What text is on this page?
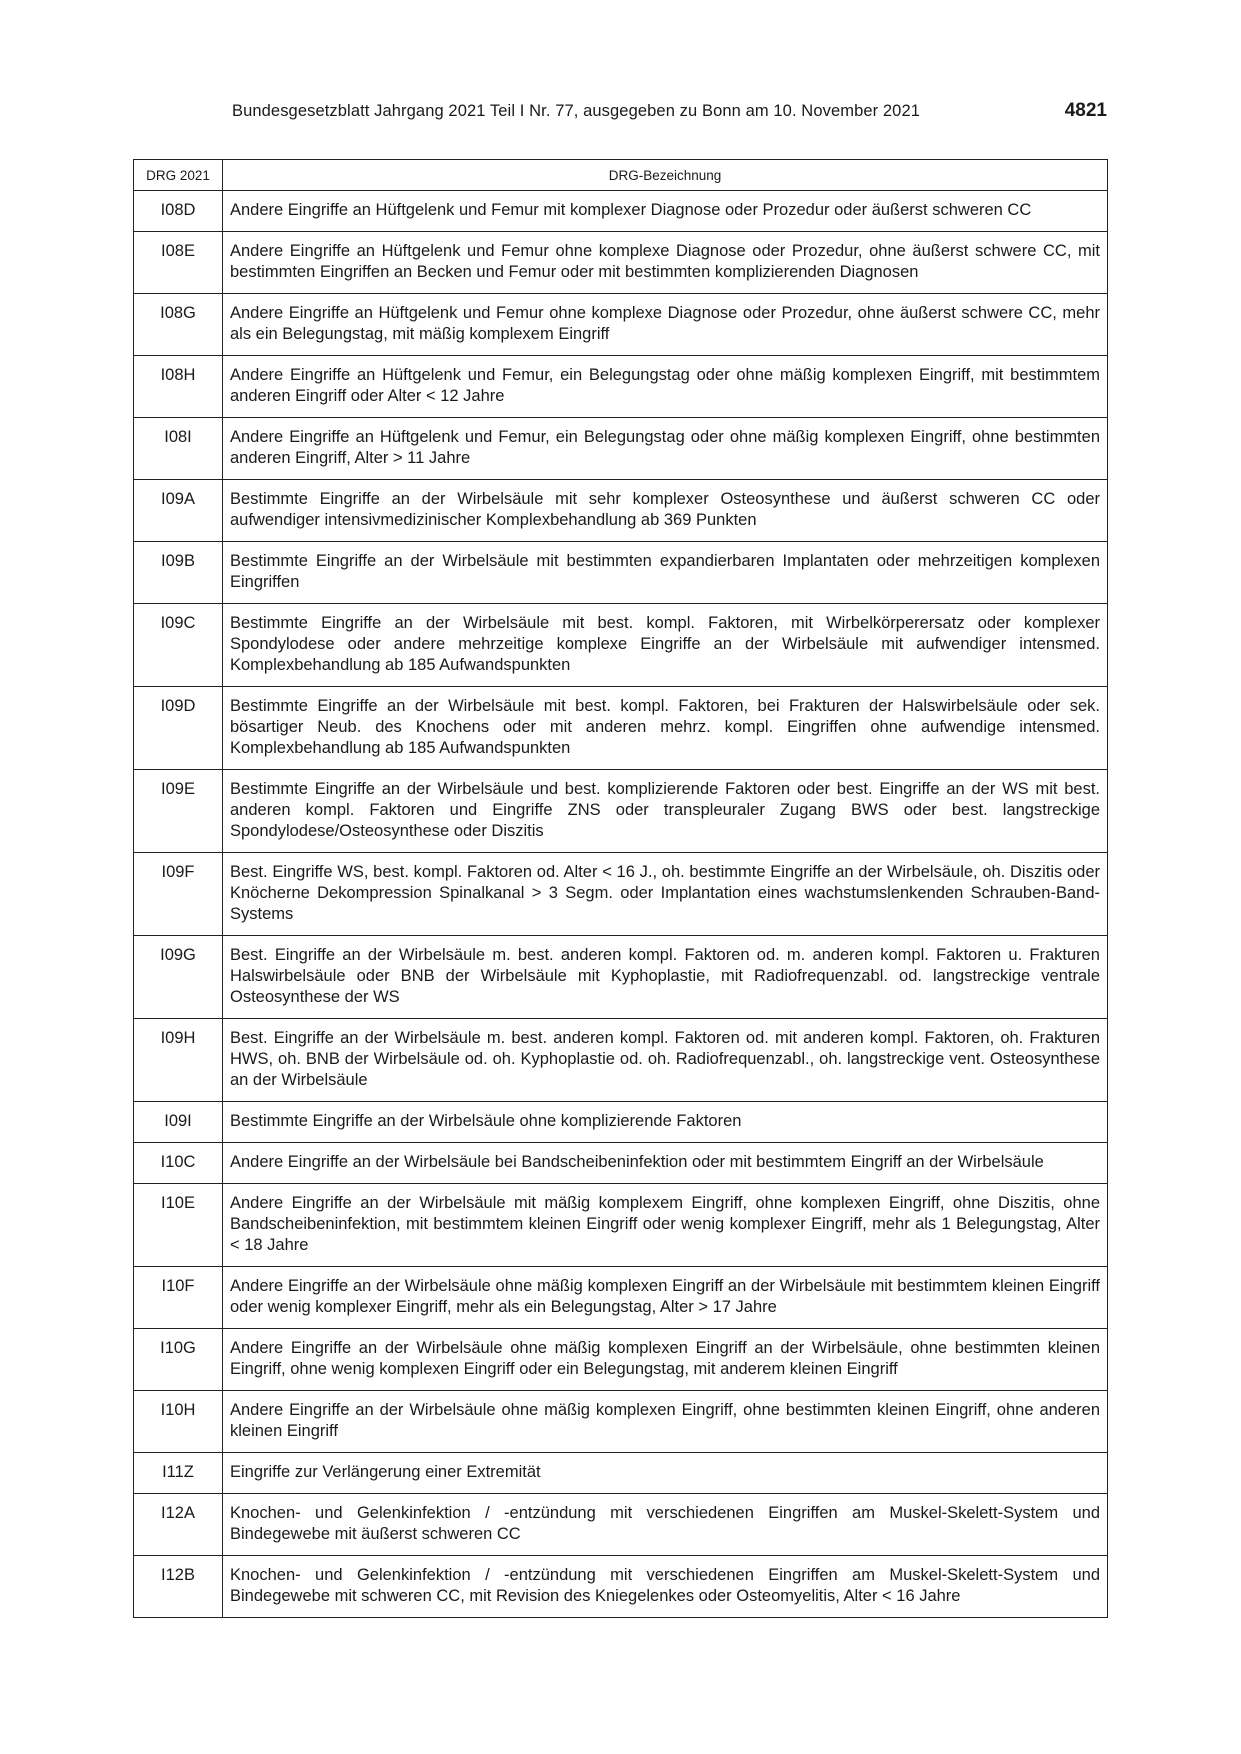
Bundesgesetzblatt Jahrgang 2021 Teil I Nr. 77, ausgegeben zu Bonn am 10. November 2021	4821
DRG 2021	DRG-Bezeichnung
I08D	Andere Eingriffe an Hüftgelenk und Femur mit komplexer Diagnose oder Prozedur oder äußerst schweren CC
I08E	Andere Eingriffe an Hüftgelenk und Femur ohne komplexe Diagnose oder Prozedur, ohne äußerst schwere CC, mit bestimmten Eingriffen an Becken und Femur oder mit bestimmten komplizierenden Diagnosen
I08G	Andere Eingriffe an Hüftgelenk und Femur ohne komplexe Diagnose oder Prozedur, ohne äußerst schwere CC, mehr als ein Belegungstag, mit mäßig komplexem Eingriff
I08H	Andere Eingriffe an Hüftgelenk und Femur, ein Belegungstag oder ohne mäßig komplexen Eingriff, mit bestimmtem anderen Eingriff oder Alter < 12 Jahre
I08I	Andere Eingriffe an Hüftgelenk und Femur, ein Belegungstag oder ohne mäßig komplexen Eingriff, ohne bestimmten anderen Eingriff, Alter > 11 Jahre
I09A	Bestimmte Eingriffe an der Wirbelsäule mit sehr komplexer Osteosynthese und äußerst schweren CC oder aufwendiger intensivmedizinischer Komplexbehandlung ab 369 Punkten
I09B	Bestimmte Eingriffe an der Wirbelsäule mit bestimmten expandierbaren Implantaten oder mehrzeitigen komplexen Eingriffen
I09C	Bestimmte Eingriffe an der Wirbelsäule mit best. kompl. Faktoren, mit Wirbelkörperersatz oder komplexer Spondylodese oder andere mehrzeitige komplexe Eingriffe an der Wirbelsäule mit aufwendiger intensmed. Komplexbehandlung ab 185 Aufwandspunkten
I09D	Bestimmte Eingriffe an der Wirbelsäule mit best. kompl. Faktoren, bei Frakturen der Halswirbelsäule oder sek. bösartiger Neub. des Knochens oder mit anderen mehrz. kompl. Eingriffen ohne aufwendige intensmed. Komplexbehandlung ab 185 Aufwandspunkten
I09E	Bestimmte Eingriffe an der Wirbelsäule und best. komplizierende Faktoren oder best. Eingriffe an der WS mit best. anderen kompl. Faktoren und Eingriffe ZNS oder transpleuraler Zugang BWS oder best. langstreckige Spondylodese/Osteosynthese oder Diszitis
I09F	Best. Eingriffe WS, best. kompl. Faktoren od. Alter < 16 J., oh. bestimmte Eingriffe an der Wirbelsäule, oh. Diszitis oder Knöcherne Dekompression Spinalkanal > 3 Segm. oder Implantation eines wachstumslenkenden Schrauben-Band-Systems
I09G	Best. Eingriffe an der Wirbelsäule m. best. anderen kompl. Faktoren od. m. anderen kompl. Faktoren u. Frakturen Halswirbelsäule oder BNB der Wirbelsäule mit Kyphoplastie, mit Radiofrequenzabl. od. langstreckige ventrale Osteosynthese der WS
I09H	Best. Eingriffe an der Wirbelsäule m. best. anderen kompl. Faktoren od. mit anderen kompl. Faktoren, oh. Frakturen HWS, oh. BNB der Wirbelsäule od. oh. Kyphoplastie od. oh. Radiofrequenzabl., oh. langstreckige vent. Osteosynthese an der Wirbelsäule
I09I	Bestimmte Eingriffe an der Wirbelsäule ohne komplizierende Faktoren
I10C	Andere Eingriffe an der Wirbelsäule bei Bandscheibeninfektion oder mit bestimmtem Eingriff an der Wirbelsäule
I10E	Andere Eingriffe an der Wirbelsäule mit mäßig komplexem Eingriff, ohne komplexen Eingriff, ohne Diszitis, ohne Bandscheibeninfektion, mit bestimmtem kleinen Eingriff oder wenig komplexer Eingriff, mehr als 1 Belegungstag, Alter < 18 Jahre
I10F	Andere Eingriffe an der Wirbelsäule ohne mäßig komplexen Eingriff an der Wirbelsäule mit bestimmtem kleinen Eingriff oder wenig komplexer Eingriff, mehr als ein Belegungstag, Alter > 17 Jahre
I10G	Andere Eingriffe an der Wirbelsäule ohne mäßig komplexen Eingriff an der Wirbelsäule, ohne bestimmten kleinen Eingriff, ohne wenig komplexen Eingriff oder ein Belegungstag, mit anderem kleinen Eingriff
I10H	Andere Eingriffe an der Wirbelsäule ohne mäßig komplexen Eingriff, ohne bestimmten kleinen Eingriff, ohne anderen kleinen Eingriff
I11Z	Eingriffe zur Verlängerung einer Extremität
I12A	Knochen- und Gelenkinfektion / -entzündung mit verschiedenen Eingriffen am Muskel-Skelett-System und Bindegewebe mit äußerst schweren CC
I12B	Knochen- und Gelenkinfektion / -entzündung mit verschiedenen Eingriffen am Muskel-Skelett-System und Bindegewebe mit schweren CC, mit Revision des Kniegelenkes oder Osteomyelitis, Alter < 16 Jahre
